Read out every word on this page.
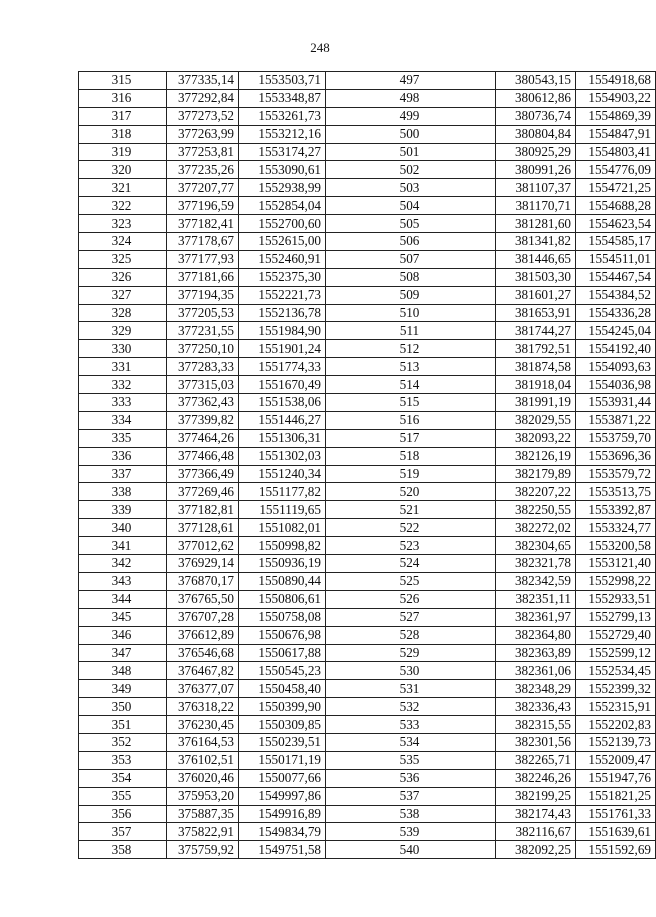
248
315	377335,14	1553503,71	497	380543,15	1554918,68
316	377292,84	1553348,87	498	380612,86	1554903,22
317	377273,52	1553261,73	499	380736,74	1554869,39
318	377263,99	1553212,16	500	380804,84	1554847,91
319	377253,81	1553174,27	501	380925,29	1554803,41
320	377235,26	1553090,61	502	380991,26	1554776,09
321	377207,77	1552938,99	503	381107,37	1554721,25
322	377196,59	1552854,04	504	381170,71	1554688,28
323	377182,41	1552700,60	505	381281,60	1554623,54
324	377178,67	1552615,00	506	381341,82	1554585,17
325	377177,93	1552460,91	507	381446,65	1554511,01
326	377181,66	1552375,30	508	381503,30	1554467,54
327	377194,35	1552221,73	509	381601,27	1554384,52
328	377205,53	1552136,78	510	381653,91	1554336,28
329	377231,55	1551984,90	511	381744,27	1554245,04
330	377250,10	1551901,24	512	381792,51	1554192,40
331	377283,33	1551774,33	513	381874,58	1554093,63
332	377315,03	1551670,49	514	381918,04	1554036,98
333	377362,43	1551538,06	515	381991,19	1553931,44
334	377399,82	1551446,27	516	382029,55	1553871,22
335	377464,26	1551306,31	517	382093,22	1553759,70
336	377466,48	1551302,03	518	382126,19	1553696,36
337	377366,49	1551240,34	519	382179,89	1553579,72
338	377269,46	1551177,82	520	382207,22	1553513,75
339	377182,81	1551119,65	521	382250,55	1553392,87
340	377128,61	1551082,01	522	382272,02	1553324,77
341	377012,62	1550998,82	523	382304,65	1553200,58
342	376929,14	1550936,19	524	382321,78	1553121,40
343	376870,17	1550890,44	525	382342,59	1552998,22
344	376765,50	1550806,61	526	382351,11	1552933,51
345	376707,28	1550758,08	527	382361,97	1552799,13
346	376612,89	1550676,98	528	382364,80	1552729,40
347	376546,68	1550617,88	529	382363,89	1552599,12
348	376467,82	1550545,23	530	382361,06	1552534,45
349	376377,07	1550458,40	531	382348,29	1552399,32
350	376318,22	1550399,90	532	382336,43	1552315,91
351	376230,45	1550309,85	533	382315,55	1552202,83
352	376164,53	1550239,51	534	382301,56	1552139,73
353	376102,51	1550171,19	535	382265,71	1552009,47
354	376020,46	1550077,66	536	382246,26	1551947,76
355	375953,20	1549997,86	537	382199,25	1551821,25
356	375887,35	1549916,89	538	382174,43	1551761,33
357	375822,91	1549834,79	539	382116,67	1551639,61
358	375759,92	1549751,58	540	382092,25	1551592,69
